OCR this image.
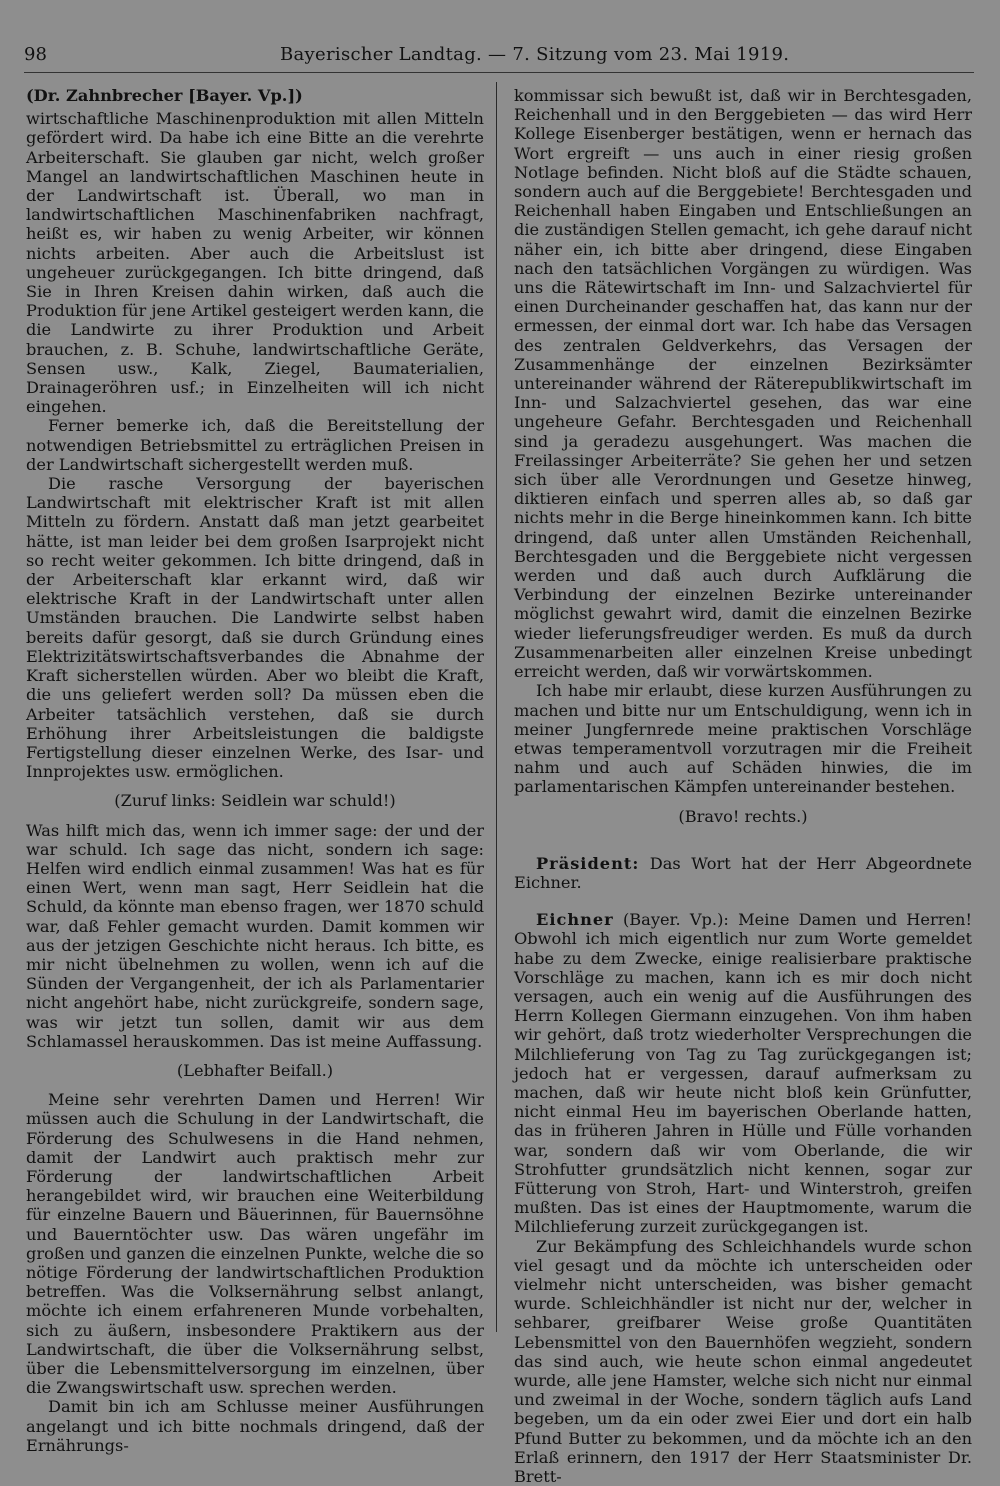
98	Bayerischer Landtag. — 7. Sitzung vom 23. Mai 1919.

(Dr. Zahnbrecher [Bayer. Vp.])

wirtschaftliche Maschinenproduktion mit allen Mitteln gefördert wird. Da habe ich eine Bitte an die verehrte Arbeiterschaft. Sie glauben gar nicht, welch großer Mangel an landwirtschaftlichen Maschinen heute in der Landwirtschaft ist. Überall, wo man in landwirtschaftlichen Maschinenfabriken nachfragt, heißt es, wir haben zu wenig Arbeiter, wir können nichts arbeiten. Aber auch die Arbeitslust ist ungeheuer zurückgegangen. Ich bitte dringend, daß Sie in Ihren Kreisen dahin wirken, daß auch die Produktion für jene Artikel gesteigert werden kann, die die Landwirte zu ihrer Produktion und Arbeit brauchen, z. B. Schuhe, landwirtschaftliche Geräte, Sensen usw., Kalk, Ziegel, Baumaterialien, Drainageröhren usf.; in Einzelheiten will ich nicht eingehen.

Ferner bemerke ich, daß die Bereitstellung der notwendigen Betriebsmittel zu erträglichen Preisen in der Landwirtschaft sichergestellt werden muß.

Die rasche Versorgung der bayerischen Landwirtschaft mit elektrischer Kraft ist mit allen Mitteln zu fördern. Anstatt daß man jetzt gearbeitet hätte, ist man leider bei dem großen Isarprojekt nicht so recht weiter gekommen. Ich bitte dringend, daß in der Arbeiterschaft klar erkannt wird, daß wir elektrische Kraft in der Landwirtschaft unter allen Umständen brauchen. Die Landwirte selbst haben bereits dafür gesorgt, daß sie durch Gründung eines Elektrizitätswirtschaftsverbandes die Abnahme der Kraft sicherstellen würden. Aber wo bleibt die Kraft, die uns geliefert werden soll? Da müssen eben die Arbeiter tatsächlich verstehen, daß sie durch Erhöhung ihrer Arbeitsleistungen die baldigste Fertigstellung dieser einzelnen Werke, des Isar- und Innprojektes usw. ermöglichen.

(Zuruf links: Seidlein war schuld!)

Was hilft mich das, wenn ich immer sage: der und der war schuld. Ich sage das nicht, sondern ich sage: Helfen wird endlich einmal zusammen! Was hat es für einen Wert, wenn man sagt, Herr Seidlein hat die Schuld, da könnte man ebenso fragen, wer 1870 schuld war, daß Fehler gemacht wurden. Damit kommen wir aus der jetzigen Geschichte nicht heraus. Ich bitte, es mir nicht übelnehmen zu wollen, wenn ich auf die Sünden der Vergangenheit, der ich als Parlamentarier nicht angehört habe, nicht zurückgreife, sondern sage, was wir jetzt tun sollen, damit wir aus dem Schlamassel herauskommen. Das ist meine Auffassung.

(Lebhafter Beifall.)

Meine sehr verehrten Damen und Herren! Wir müssen auch die Schulung in der Landwirtschaft, die Förderung des Schulwesens in die Hand nehmen, damit der Landwirt auch praktisch mehr zur Förderung der landwirtschaftlichen Arbeit herangebildet wird, wir brauchen eine Weiterbildung für einzelne Bauern und Bäuerinnen, für Bauernsöhne und Bauerntöchter usw. Das wären ungefähr im großen und ganzen die einzelnen Punkte, welche die so nötige Förderung der landwirtschaftlichen Produktion betreffen. Was die Volksernährung selbst anlangt, möchte ich einem erfahreneren Munde vorbehalten, sich zu äußern, insbesondere Praktikern aus der Landwirtschaft, die über die Volksernährung selbst, über die Lebensmittelversorgung im einzelnen, über die Zwangswirtschaft usw. sprechen werden.

Damit bin ich am Schlusse meiner Ausführungen angelangt und ich bitte nochmals dringend, daß der Ernährungs-

kommissar sich bewußt ist, daß wir in Berchtesgaden, Reichenhall und in den Berggebieten — das wird Herr Kollege Eisenberger bestätigen, wenn er hernach das Wort ergreift — uns auch in einer riesig großen Notlage befinden. Nicht bloß auf die Städte schauen, sondern auch auf die Berggebiete! Berchtesgaden und Reichenhall haben Eingaben und Entschließungen an die zuständigen Stellen gemacht, ich gehe darauf nicht näher ein, ich bitte aber dringend, diese Eingaben nach den tatsächlichen Vorgängen zu würdigen. Was uns die Rätewirtschaft im Inn- und Salzachviertel für einen Durcheinander geschaffen hat, das kann nur der ermessen, der einmal dort war. Ich habe das Versagen des zentralen Geldverkehrs, das Versagen der Zusammenhänge der einzelnen Bezirksämter untereinander während der Räterepublikwirtschaft im Inn- und Salzachviertel gesehen, das war eine ungeheure Gefahr. Berchtesgaden und Reichenhall sind ja geradezu ausgehungert. Was machen die Freilassinger Arbeiterräte? Sie gehen her und setzen sich über alle Verordnungen und Gesetze hinweg, diktieren einfach und sperren alles ab, so daß gar nichts mehr in die Berge hineinkommen kann. Ich bitte dringend, daß unter allen Umständen Reichenhall, Berchtesgaden und die Berggebiete nicht vergessen werden und daß auch durch Aufklärung die Verbindung der einzelnen Bezirke untereinander möglichst gewahrt wird, damit die einzelnen Bezirke wieder lieferungsfreudiger werden. Es muß da durch Zusammenarbeiten aller einzelnen Kreise unbedingt erreicht werden, daß wir vorwärtskommen.

Ich habe mir erlaubt, diese kurzen Ausführungen zu machen und bitte nur um Entschuldigung, wenn ich in meiner Jungfernrede meine praktischen Vorschläge etwas temperamentvoll vorzutragen mir die Freiheit nahm und auch auf Schäden hinwies, die im parlamentarischen Kämpfen untereinander bestehen.

(Bravo! rechts.)

Präsident: Das Wort hat der Herr Abgeordnete Eichner.

Eichner (Bayer. Vp.): Meine Damen und Herren! Obwohl ich mich eigentlich nur zum Worte gemeldet habe zu dem Zwecke, einige realisierbare praktische Vorschläge zu machen, kann ich es mir doch nicht versagen, auch ein wenig auf die Ausführungen des Herrn Kollegen Giermann einzugehen. Von ihm haben wir gehört, daß trotz wiederholter Versprechungen die Milchlieferung von Tag zu Tag zurückgegangen ist; jedoch hat er vergessen, darauf aufmerksam zu machen, daß wir heute nicht bloß kein Grünfutter, nicht einmal Heu im bayerischen Oberlande hatten, das in früheren Jahren in Hülle und Fülle vorhanden war, sondern daß wir vom Oberlande, die wir Strohfutter grundsätzlich nicht kennen, sogar zur Fütterung von Stroh, Hart- und Winterstroh, greifen mußten. Das ist eines der Hauptmomente, warum die Milchlieferung zurzeit zurückgegangen ist.

Zur Bekämpfung des Schleichhandels wurde schon viel gesagt und da möchte ich unterscheiden oder vielmehr nicht unterscheiden, was bisher gemacht wurde. Schleichhändler ist nicht nur der, welcher in sehbarer, greifbarer Weise große Quantitäten Lebensmittel von den Bauernhöfen wegzieht, sondern das sind auch, wie heute schon einmal angedeutet wurde, alle jene Hamster, welche sich nicht nur einmal und zweimal in der Woche, sondern täglich aufs Land begeben, um da ein oder zwei Eier und dort ein halb Pfund Butter zu bekommen, und da möchte ich an den Erlaß erinnern, den 1917 der Herr Staatsminister Dr. Brett-
